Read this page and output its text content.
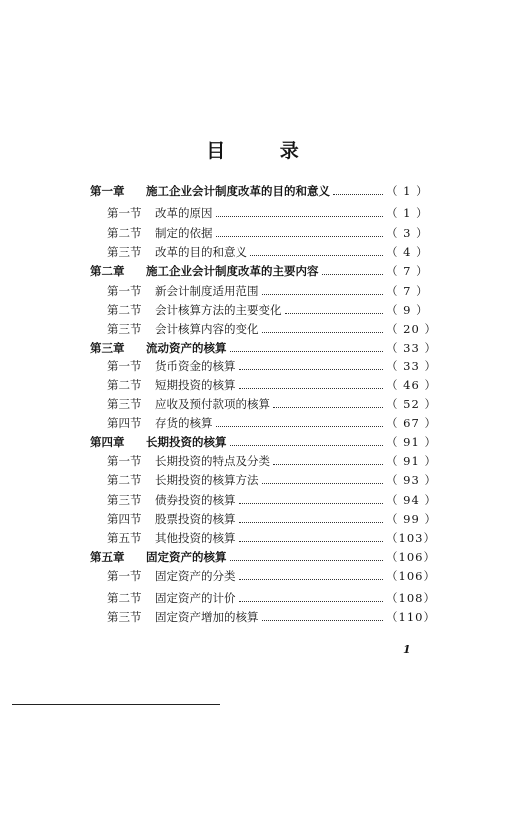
目 录
第一章 施工企业会计制度改革的目的和意义	（ 1 ）
第一节 改革的原因	（ 1 ）
第二节 制定的依据	（ 3 ）
第三节 改革的目的和意义	（ 4 ）
第二章 施工企业会计制度改革的主要内容	（ 7 ）
第一节 新会计制度适用范围	（ 7 ）
第二节 会计核算方法的主要变化	（ 9 ）
第三节 会计核算内容的变化	（ 20 ）
第三章 流动资产的核算	（ 33 ）
第一节 货币资金的核算	（ 33 ）
第二节 短期投资的核算	（ 46 ）
第三节 应收及预付款项的核算	（ 52 ）
第四节 存货的核算	（ 67 ）
第四章 长期投资的核算	（ 91 ）
第一节 长期投资的特点及分类	（ 91 ）
第二节 长期投资的核算方法	（ 93 ）
第三节 债券投资的核算	（ 94 ）
第四节 股票投资的核算	（ 99 ）
第五节 其他投资的核算	（103）
第五章 固定资产的核算	（106）
第一节 固定资产的分类	（106）
第二节 固定资产的计价	（108）
第三节 固定资产增加的核算	（110）
1
